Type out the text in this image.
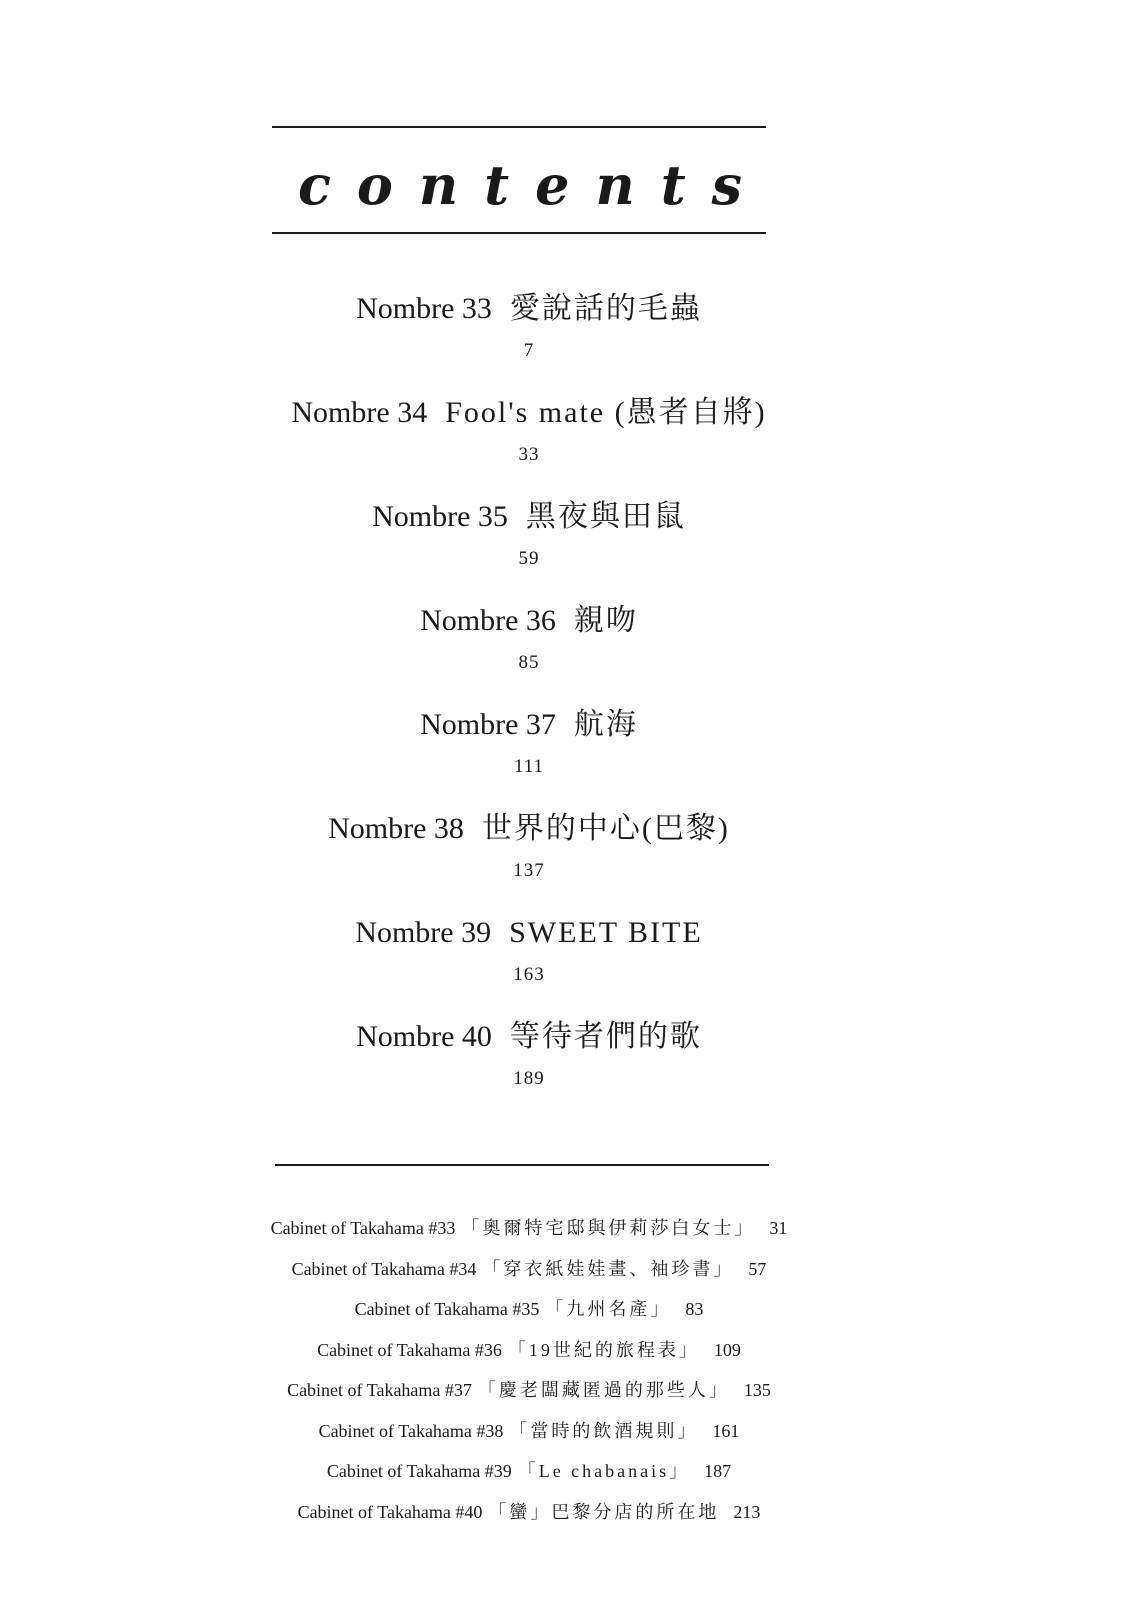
contents
Nombre 33 愛說話的毛蟲
7
Nombre 34 Fool's mate (愚者自將)
33
Nombre 35 黑夜與田鼠
59
Nombre 36 親吻
85
Nombre 37 航海
111
Nombre 38 世界的中心(巴黎)
137
Nombre 39 SWEET BITE
163
Nombre 40 等待者們的歌
189
Cabinet of Takahama #33 「奧爾特宅邸與伊莉莎白女士」 31
Cabinet of Takahama #34 「穿衣紙娃娃畫、袖珍書」 57
Cabinet of Takahama #35 「九州名產」 83
Cabinet of Takahama #36 「19世紀的旅程表」 109
Cabinet of Takahama #37 「慶老闆藏匿過的那些人」 135
Cabinet of Takahama #38 「當時的飲酒規則」 161
Cabinet of Takahama #39 「Le chabanais」 187
Cabinet of Takahama #40 「蠻」巴黎分店的所在地 213
